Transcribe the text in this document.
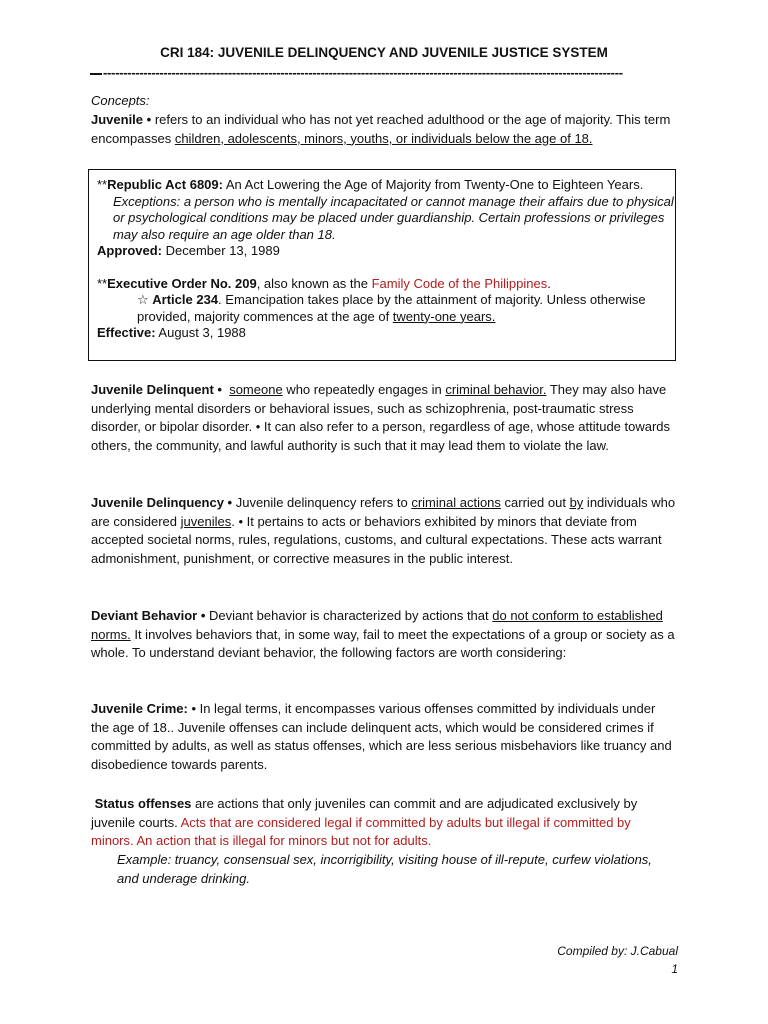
CRI 184: JUVENILE DELINQUENCY AND JUVENILE JUSTICE SYSTEM
---------------------------------------------------------------------------------------------------------------------------------
Concepts:
Juvenile • refers to an individual who has not yet reached adulthood or the age of majority. This term encompasses children, adolescents, minors, youths, or individuals below the age of 18.

**Republic Act 6809: An Act Lowering the Age of Majority from Twenty-One to Eighteen Years.

Exceptions: a person who is mentally incapacitated or cannot manage their affairs due to physical or psychological conditions may be placed under guardianship. Certain professions or privileges may also require an age older than 18.

Approved: December 13, 1989

**Executive Order No. 209, also known as the Family Code of the Philippines.

☆ Article 234. Emancipation takes place by the attainment of majority. Unless otherwise provided, majority commences at the age of twenty-one years.

Effective: August 3, 1988

Juvenile Delinquent • someone who repeatedly engages in criminal behavior. They may also have underlying mental disorders or behavioral issues, such as schizophrenia, post-traumatic stress disorder, or bipolar disorder. • It can also refer to a person, regardless of age, whose attitude towards others, the community, and lawful authority is such that it may lead them to violate the law.

Juvenile Delinquency • Juvenile delinquency refers to criminal actions carried out by individuals who are considered juveniles. • It pertains to acts or behaviors exhibited by minors that deviate from accepted societal norms, rules, regulations, customs, and cultural expectations. These acts warrant admonishment, punishment, or corrective measures in the public interest.

Deviant Behavior • Deviant behavior is characterized by actions that do not conform to established norms. It involves behaviors that, in some way, fail to meet the expectations of a group or society as a whole. To understand deviant behavior, the following factors are worth considering:

Juvenile Crime: • In legal terms, it encompasses various offenses committed by individuals under the age of 18.. Juvenile offenses can include delinquent acts, which would be considered crimes if committed by adults, as well as status offenses, which are less serious misbehaviors like truancy and disobedience towards parents.

Status offenses are actions that only juveniles can commit and are adjudicated exclusively by juvenile courts. Acts that are considered legal if committed by adults but illegal if committed by minors. An action that is illegal for minors but not for adults.

Example: truancy, consensual sex, incorrigibility, visiting house of ill-repute, curfew violations, and underage drinking.

Compiled by: J.Cabual
1
